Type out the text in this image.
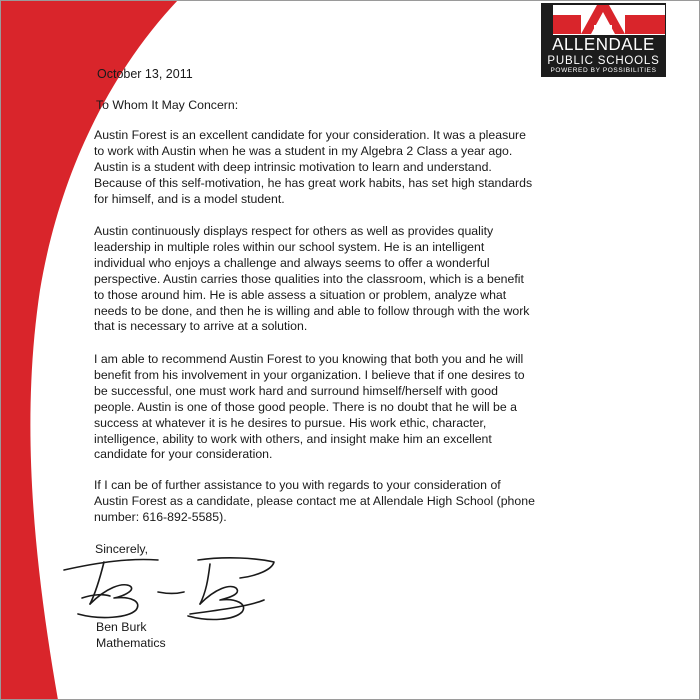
ALLENDALE
PUBLIC SCHOOLS
POWERED BY POSSIBILITIES
October 13, 2011
To Whom It May Concern:
Austin Forest is an excellent candidate for your consideration. It was a pleasure
to work with Austin when he was a student in my Algebra 2 Class a year ago.
Austin is a student with deep intrinsic motivation to learn and understand.
Because of this self-motivation, he has great work habits, has set high standards
for himself, and is a model student.
Austin continuously displays respect for others as well as provides quality
leadership in multiple roles within our school system. He is an intelligent
individual who enjoys a challenge and always seems to offer a wonderful
perspective. Austin carries those qualities into the classroom, which is a benefit
to those around him. He is able assess a situation or problem, analyze what
needs to be done, and then he is willing and able to follow through with the work
that is necessary to arrive at a solution.
I am able to recommend Austin Forest to you knowing that both you and he will
benefit from his involvement in your organization. I believe that if one desires to
be successful, one must work hard and surround himself/herself with good
people. Austin is one of those good people. There is no doubt that he will be a
success at whatever it is he desires to pursue. His work ethic, character,
intelligence, ability to work with others, and insight make him an excellent
candidate for your consideration.
If I can be of further assistance to you with regards to your consideration of
Austin Forest as a candidate, please contact me at Allendale High School (phone
number: 616-892-5585).
Sincerely,
Ben Burk
Mathematics
